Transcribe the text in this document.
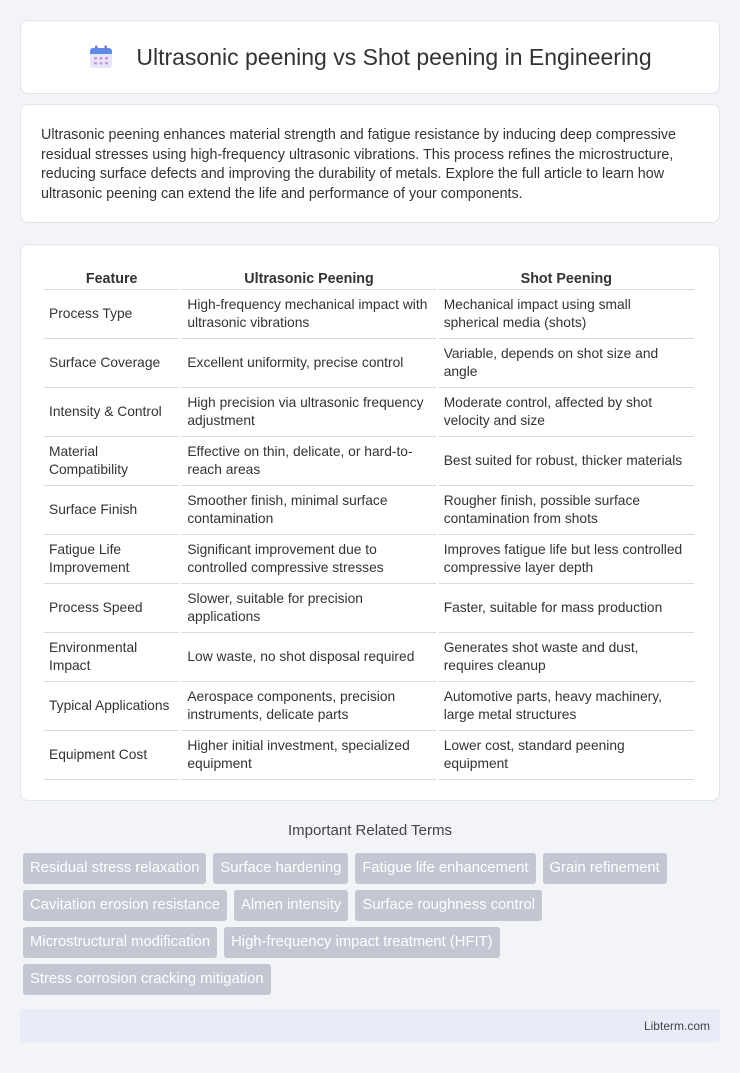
Ultrasonic peening vs Shot peening in Engineering

Ultrasonic peening enhances material strength and fatigue resistance by inducing deep compressive residual stresses using high-frequency ultrasonic vibrations. This process refines the microstructure, reducing surface defects and improving the durability of metals. Explore the full article to learn how ultrasonic peening can extend the life and performance of your components.

Feature	Ultrasonic Peening	Shot Peening
Process Type	High-frequency mechanical impact with ultrasonic vibrations	Mechanical impact using small spherical media (shots)
Surface Coverage	Excellent uniformity, precise control	Variable, depends on shot size and angle
Intensity & Control	High precision via ultrasonic frequency adjustment	Moderate control, affected by shot velocity and size
Material Compatibility	Effective on thin, delicate, or hard-to-reach areas	Best suited for robust, thicker materials
Surface Finish	Smoother finish, minimal surface contamination	Rougher finish, possible surface contamination from shots
Fatigue Life Improvement	Significant improvement due to controlled compressive stresses	Improves fatigue life but less controlled compressive layer depth
Process Speed	Slower, suitable for precision applications	Faster, suitable for mass production
Environmental Impact	Low waste, no shot disposal required	Generates shot waste and dust, requires cleanup
Typical Applications	Aerospace components, precision instruments, delicate parts	Automotive parts, heavy machinery, large metal structures
Equipment Cost	Higher initial investment, specialized equipment	Lower cost, standard peening equipment
Important Related Terms
Residual stress relaxation	Surface hardening	Fatigue life enhancement	Grain refinement
Cavitation erosion resistance	Almen intensity	Surface roughness control
Microstructural modification	High-frequency impact treatment (HFIT)
Stress corrosion cracking mitigation
Libterm.com
